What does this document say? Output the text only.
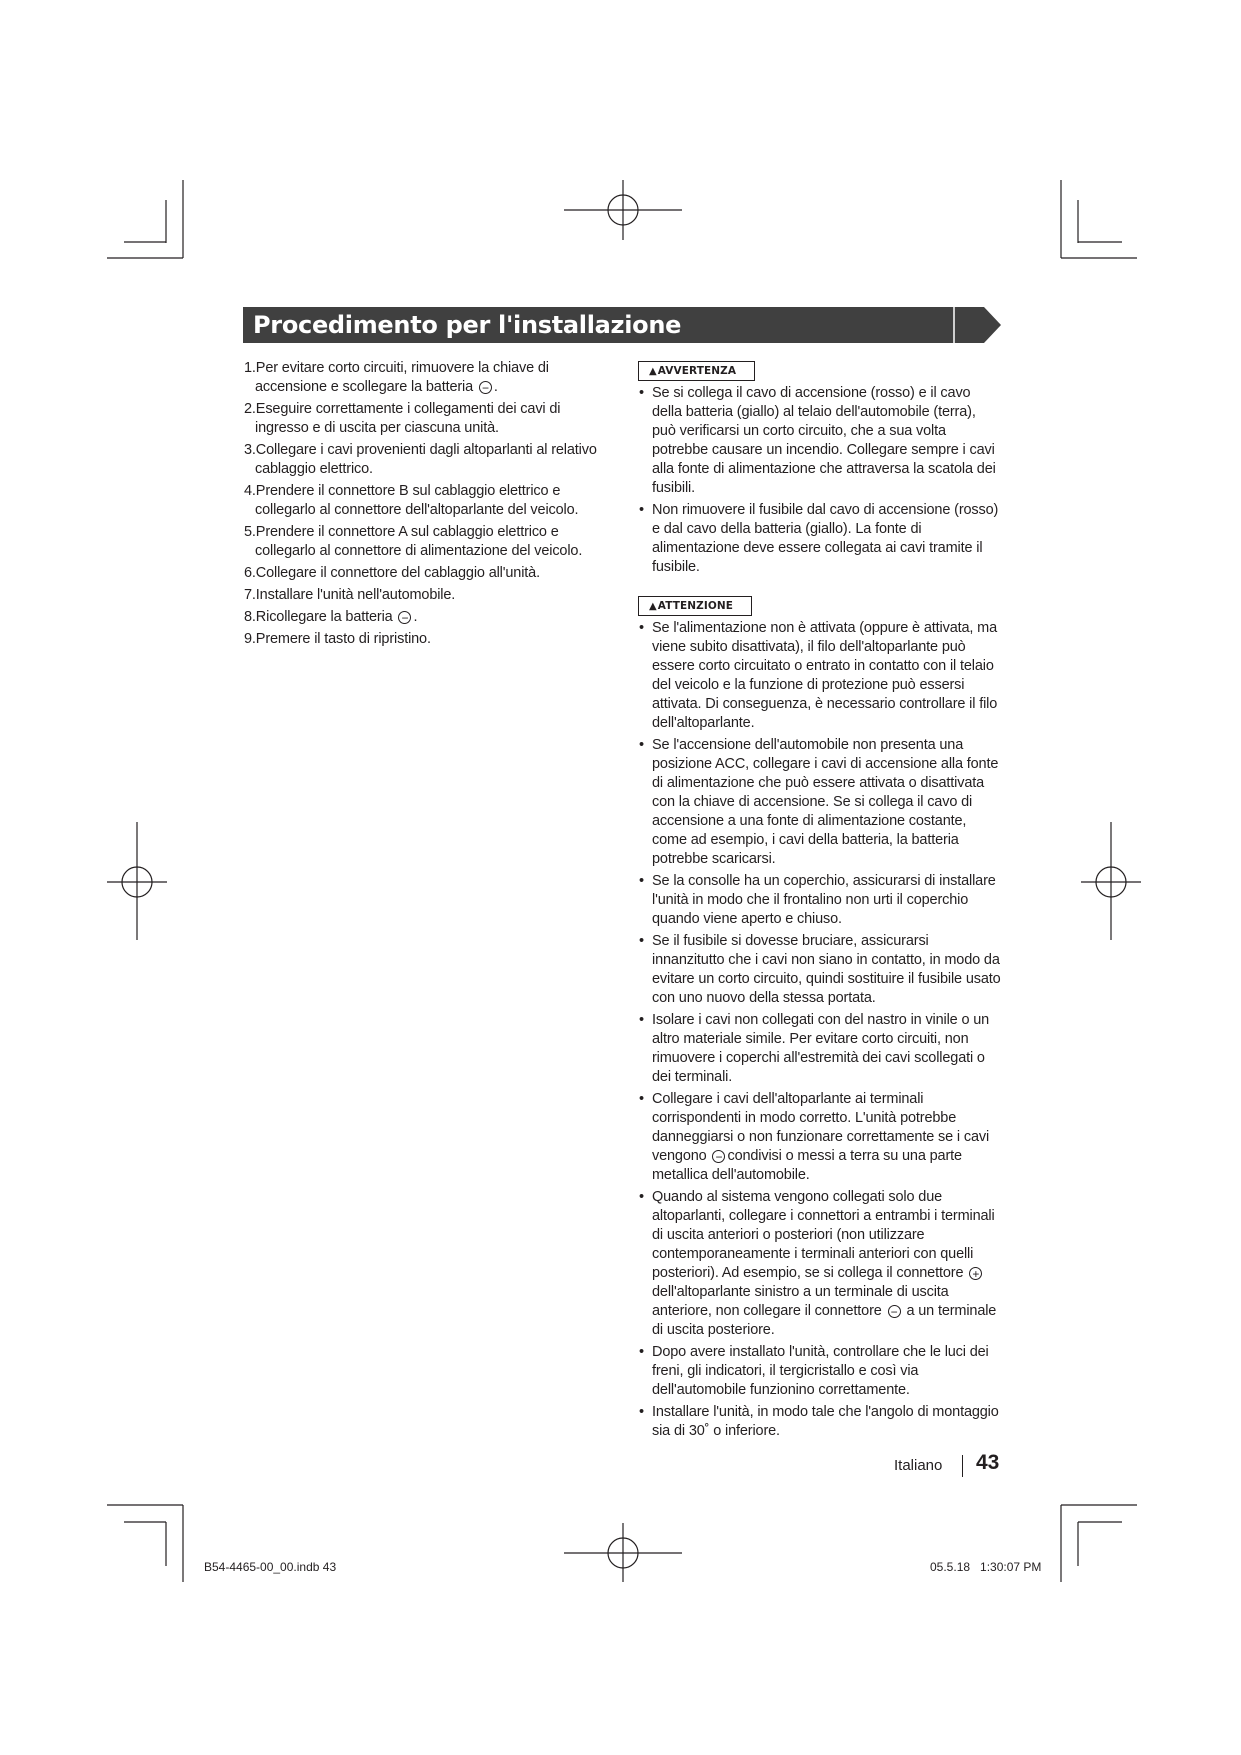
Procedimento per l'installazione
1.Per evitare corto circuiti, rimuovere la chiave di accensione e scollegare la batteria − .
2.Eseguire correttamente i collegamenti dei cavi di ingresso e di uscita per ciascuna unità.
3.Collegare i cavi provenienti dagli altoparlanti al relativo cablaggio elettrico.
4.Prendere il connettore B sul cablaggio elettrico e collegarlo al connettore dell'altoparlante del veicolo.
5.Prendere il connettore A sul cablaggio elettrico e collegarlo al connettore di alimentazione del veicolo.
6.Collegare il connettore del cablaggio all'unità.
7.Installare l'unità nell'automobile.
8.Ricollegare la batteria − .
9.Premere il tasto di ripristino.
▲AVVERTENZA
• Se si collega il cavo di accensione (rosso) e il cavo della batteria (giallo) al telaio dell'automobile (terra), può verificarsi un corto circuito, che a sua volta potrebbe causare un incendio. Collegare sempre i cavi alla fonte di alimentazione che attraversa la scatola dei fusibili.
• Non rimuovere il fusibile dal cavo di accensione (rosso) e dal cavo della batteria (giallo). La fonte di alimentazione deve essere collegata ai cavi tramite il fusibile.
▲ATTENZIONE
• Se l'alimentazione non è attivata (oppure è attivata, ma viene subito disattivata), il filo dell'altoparlante può essere corto circuitato o entrato in contatto con il telaio del veicolo e la funzione di protezione può essersi attivata. Di conseguenza, è necessario controllare il filo dell'altoparlante.
• Se l'accensione dell'automobile non presenta una posizione ACC, collegare i cavi di accensione alla fonte di alimentazione che può essere attivata o disattivata con la chiave di accensione. Se si collega il cavo di accensione a una fonte di alimentazione costante, come ad esempio, i cavi della batteria, la batteria potrebbe scaricarsi.
• Se la consolle ha un coperchio, assicurarsi di installare l'unità in modo che il frontalino non urti il coperchio quando viene aperto e chiuso.
• Se il fusibile si dovesse bruciare, assicurarsi innanzitutto che i cavi non siano in contatto, in modo da evitare un corto circuito, quindi sostituire il fusibile usato con uno nuovo della stessa portata.
• Isolare i cavi non collegati con del nastro in vinile o un altro materiale simile. Per evitare corto circuiti, non rimuovere i coperchi all'estremità dei cavi scollegati o dei terminali.
• Collegare i cavi dell'altoparlante ai terminali corrispondenti in modo corretto. L'unità potrebbe danneggiarsi o non funzionare correttamente se i cavi vengono − condivisi o messi a terra su una parte metallica dell'automobile.
• Quando al sistema vengono collegati solo due altoparlanti, collegare i connettori a entrambi i terminali di uscita anteriori o posteriori (non utilizzare contemporaneamente i terminali anteriori con quelli posteriori). Ad esempio, se si collega il connettore + dell'altoparlante sinistro a un terminale di uscita anteriore, non collegare il connettore − a un terminale di uscita posteriore.
• Dopo avere installato l'unità, controllare che le luci dei freni, gli indicatori, il tergicristallo e così via dell'automobile funzionino correttamente.
• Installare l'unità, in modo tale che l'angolo di montaggio sia di 30˚ o inferiore.
Italiano 43
B54-4465-00_00.indb 43	05.5.18   1:30:07 PM
